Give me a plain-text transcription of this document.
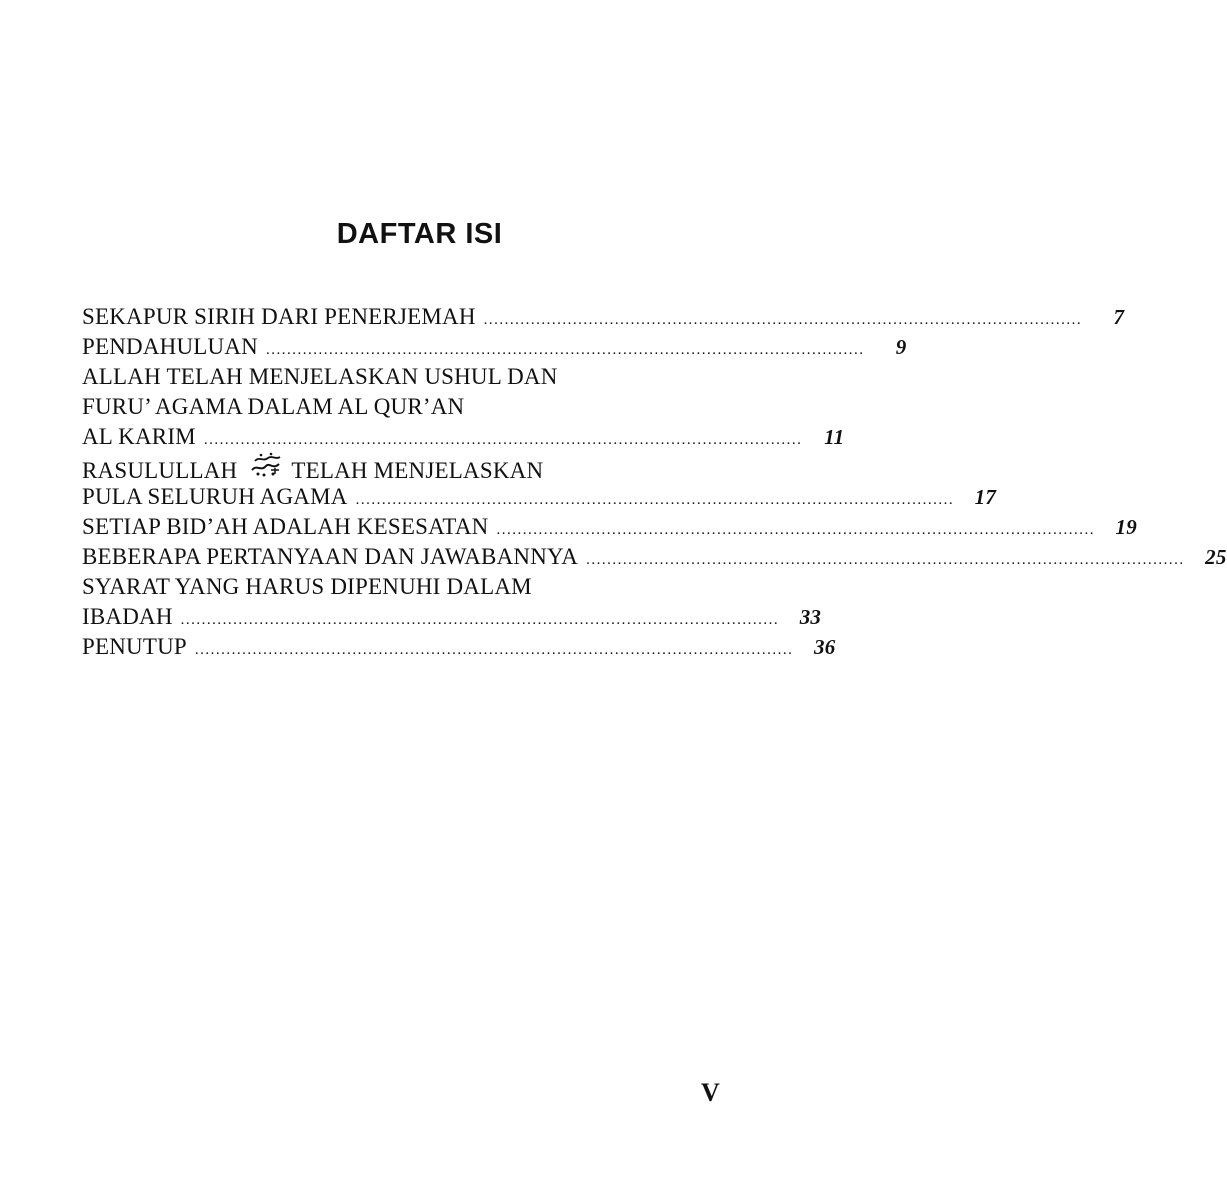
DAFTAR ISI
SEKAPUR SIRIH DARI PENERJEMAH ..................................................................................................................	7
PENDAHULUAN ..................................................................................................................	9
ALLAH TELAH MENJELASKAN USHUL DAN
FURU’ AGAMA DALAM AL QUR’AN
AL KARIM ..................................................................................................................	11
RASULULLAH	TELAH MENJELASKAN
PULA SELURUH AGAMA .................................................................................................................. 17
SETIAP BID’AH ADALAH KESESATAN .................................................................................................................. 19
BEBERAPA PERTANYAAN DAN JAWABANNYA .................................................................................................................. 25
SYARAT YANG HARUS DIPENUHI DALAM
IBADAH .................................................................................................................. 33
PENUTUP .................................................................................................................. 36

V
